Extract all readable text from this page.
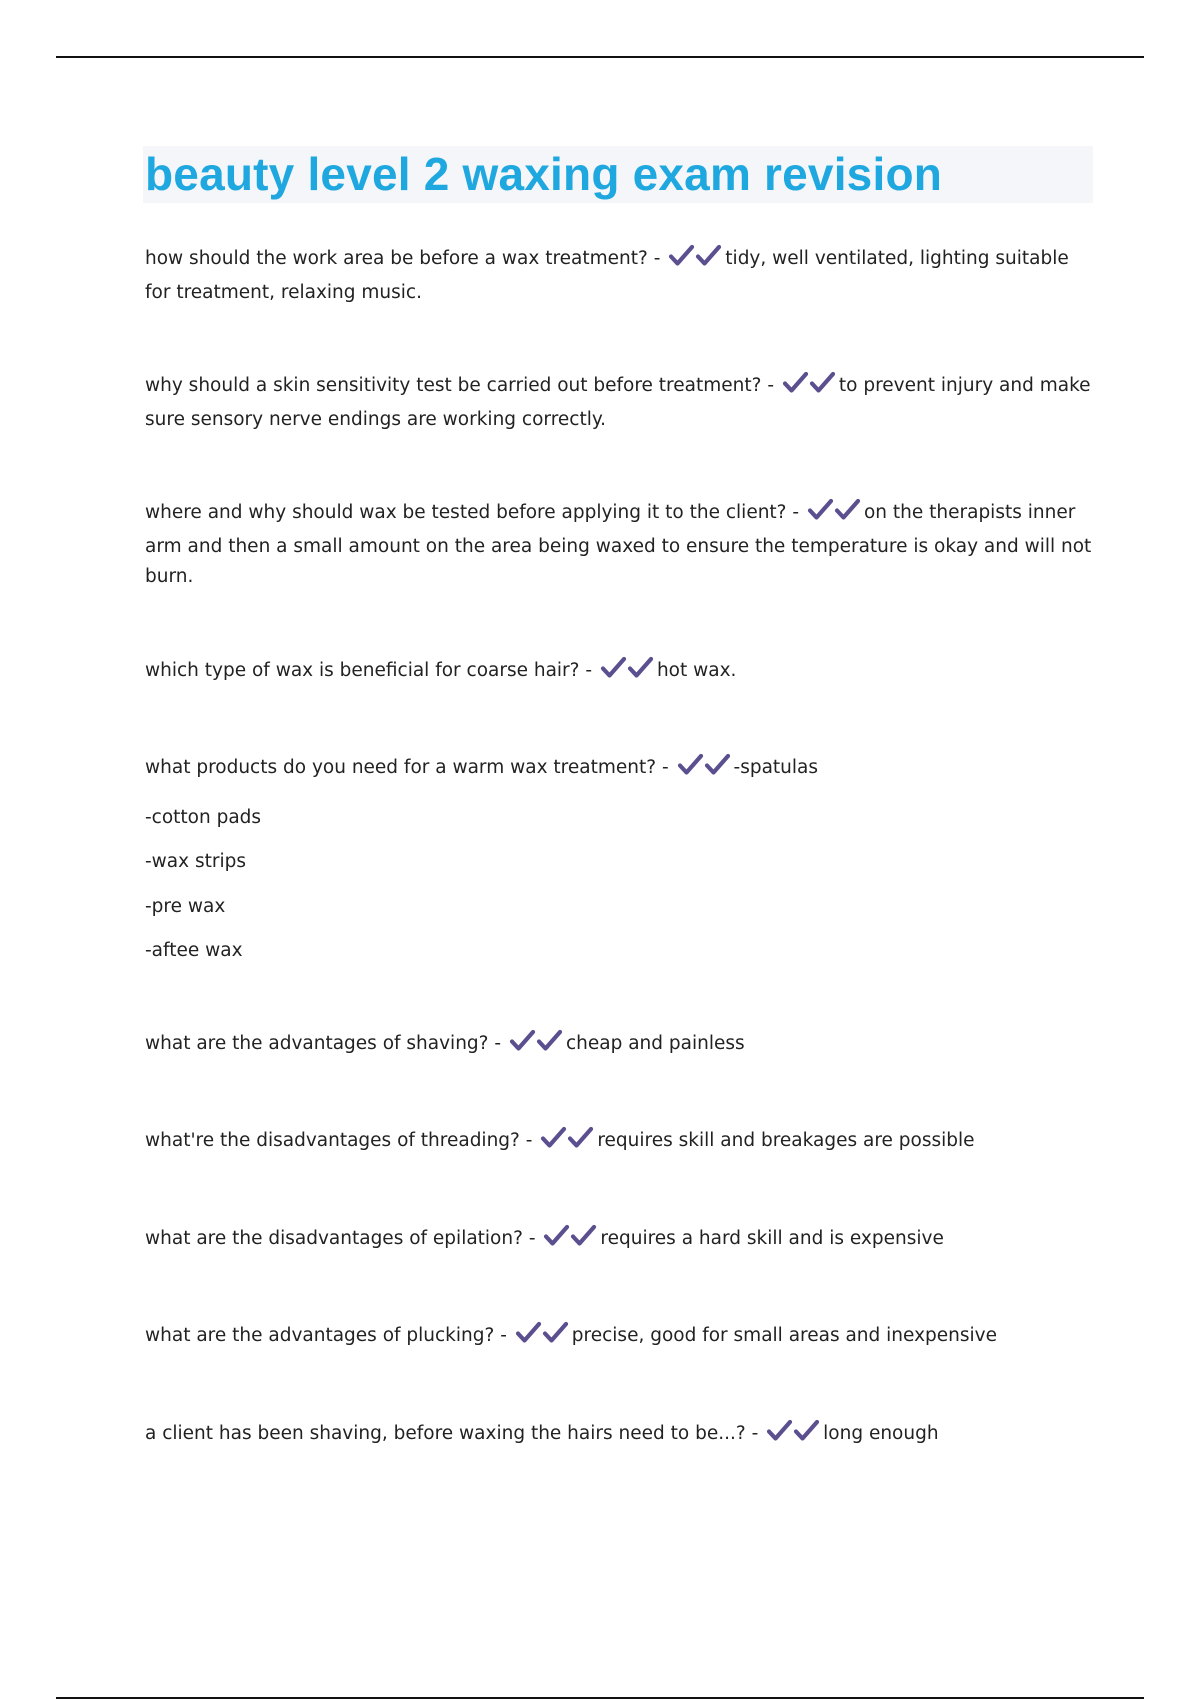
beauty level 2 waxing exam revision

how should the work area be before a wax treatment? -	tidy, well ventilated, lighting suitable for treatment, relaxing music.

why should a skin sensitivity test be carried out before treatment? -	to prevent injury and make sure sensory nerve endings are working correctly.

where and why should wax be tested before applying it to the client? -	on the therapists inner arm and then a small amount on the area being waxed to ensure the temperature is okay and will not burn.

which type of wax is beneficial for coarse hair? -	hot wax.

what products do you need for a warm wax treatment? -	-spatulas

-cotton pads

-wax strips

-pre wax

-aftee wax

what are the advantages of shaving? -	cheap and painless

what're the disadvantages of threading? -	requires skill and breakages are possible

what are the disadvantages of epilation? -	requires a hard skill and is expensive

what are the advantages of plucking? -	precise, good for small areas and inexpensive

a client has been shaving, before waxing the hairs need to be...? -	long enough
